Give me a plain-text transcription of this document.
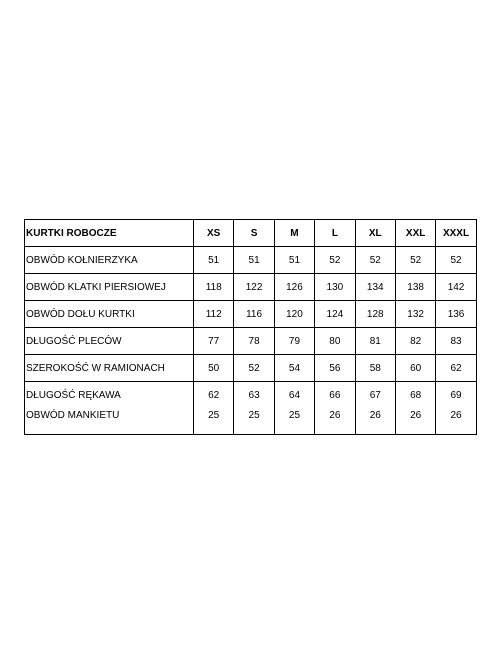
KURTKI ROBOCZE	XS	S	M	L	XL	XXL	XXXL
OBWÓD KOŁNIERZYKA	51	51	51	52	52	52	52
OBWÓD KLATKI PIERSIOWEJ	118	122	126	130	134	138	142
OBWÓD DOŁU KURTKI	112	116	120	124	128	132	136
DŁUGOŚĆ PLECÓW	77	78	79	80	81	82	83
SZEROKOŚĆ W RAMIONACH	50	52	54	56	58	60	62
DŁUGOŚĆ RĘKAWA	62	63	64	66	67	68	69
OBWÓD MANKIETU	25	25	25	26	26	26	26
